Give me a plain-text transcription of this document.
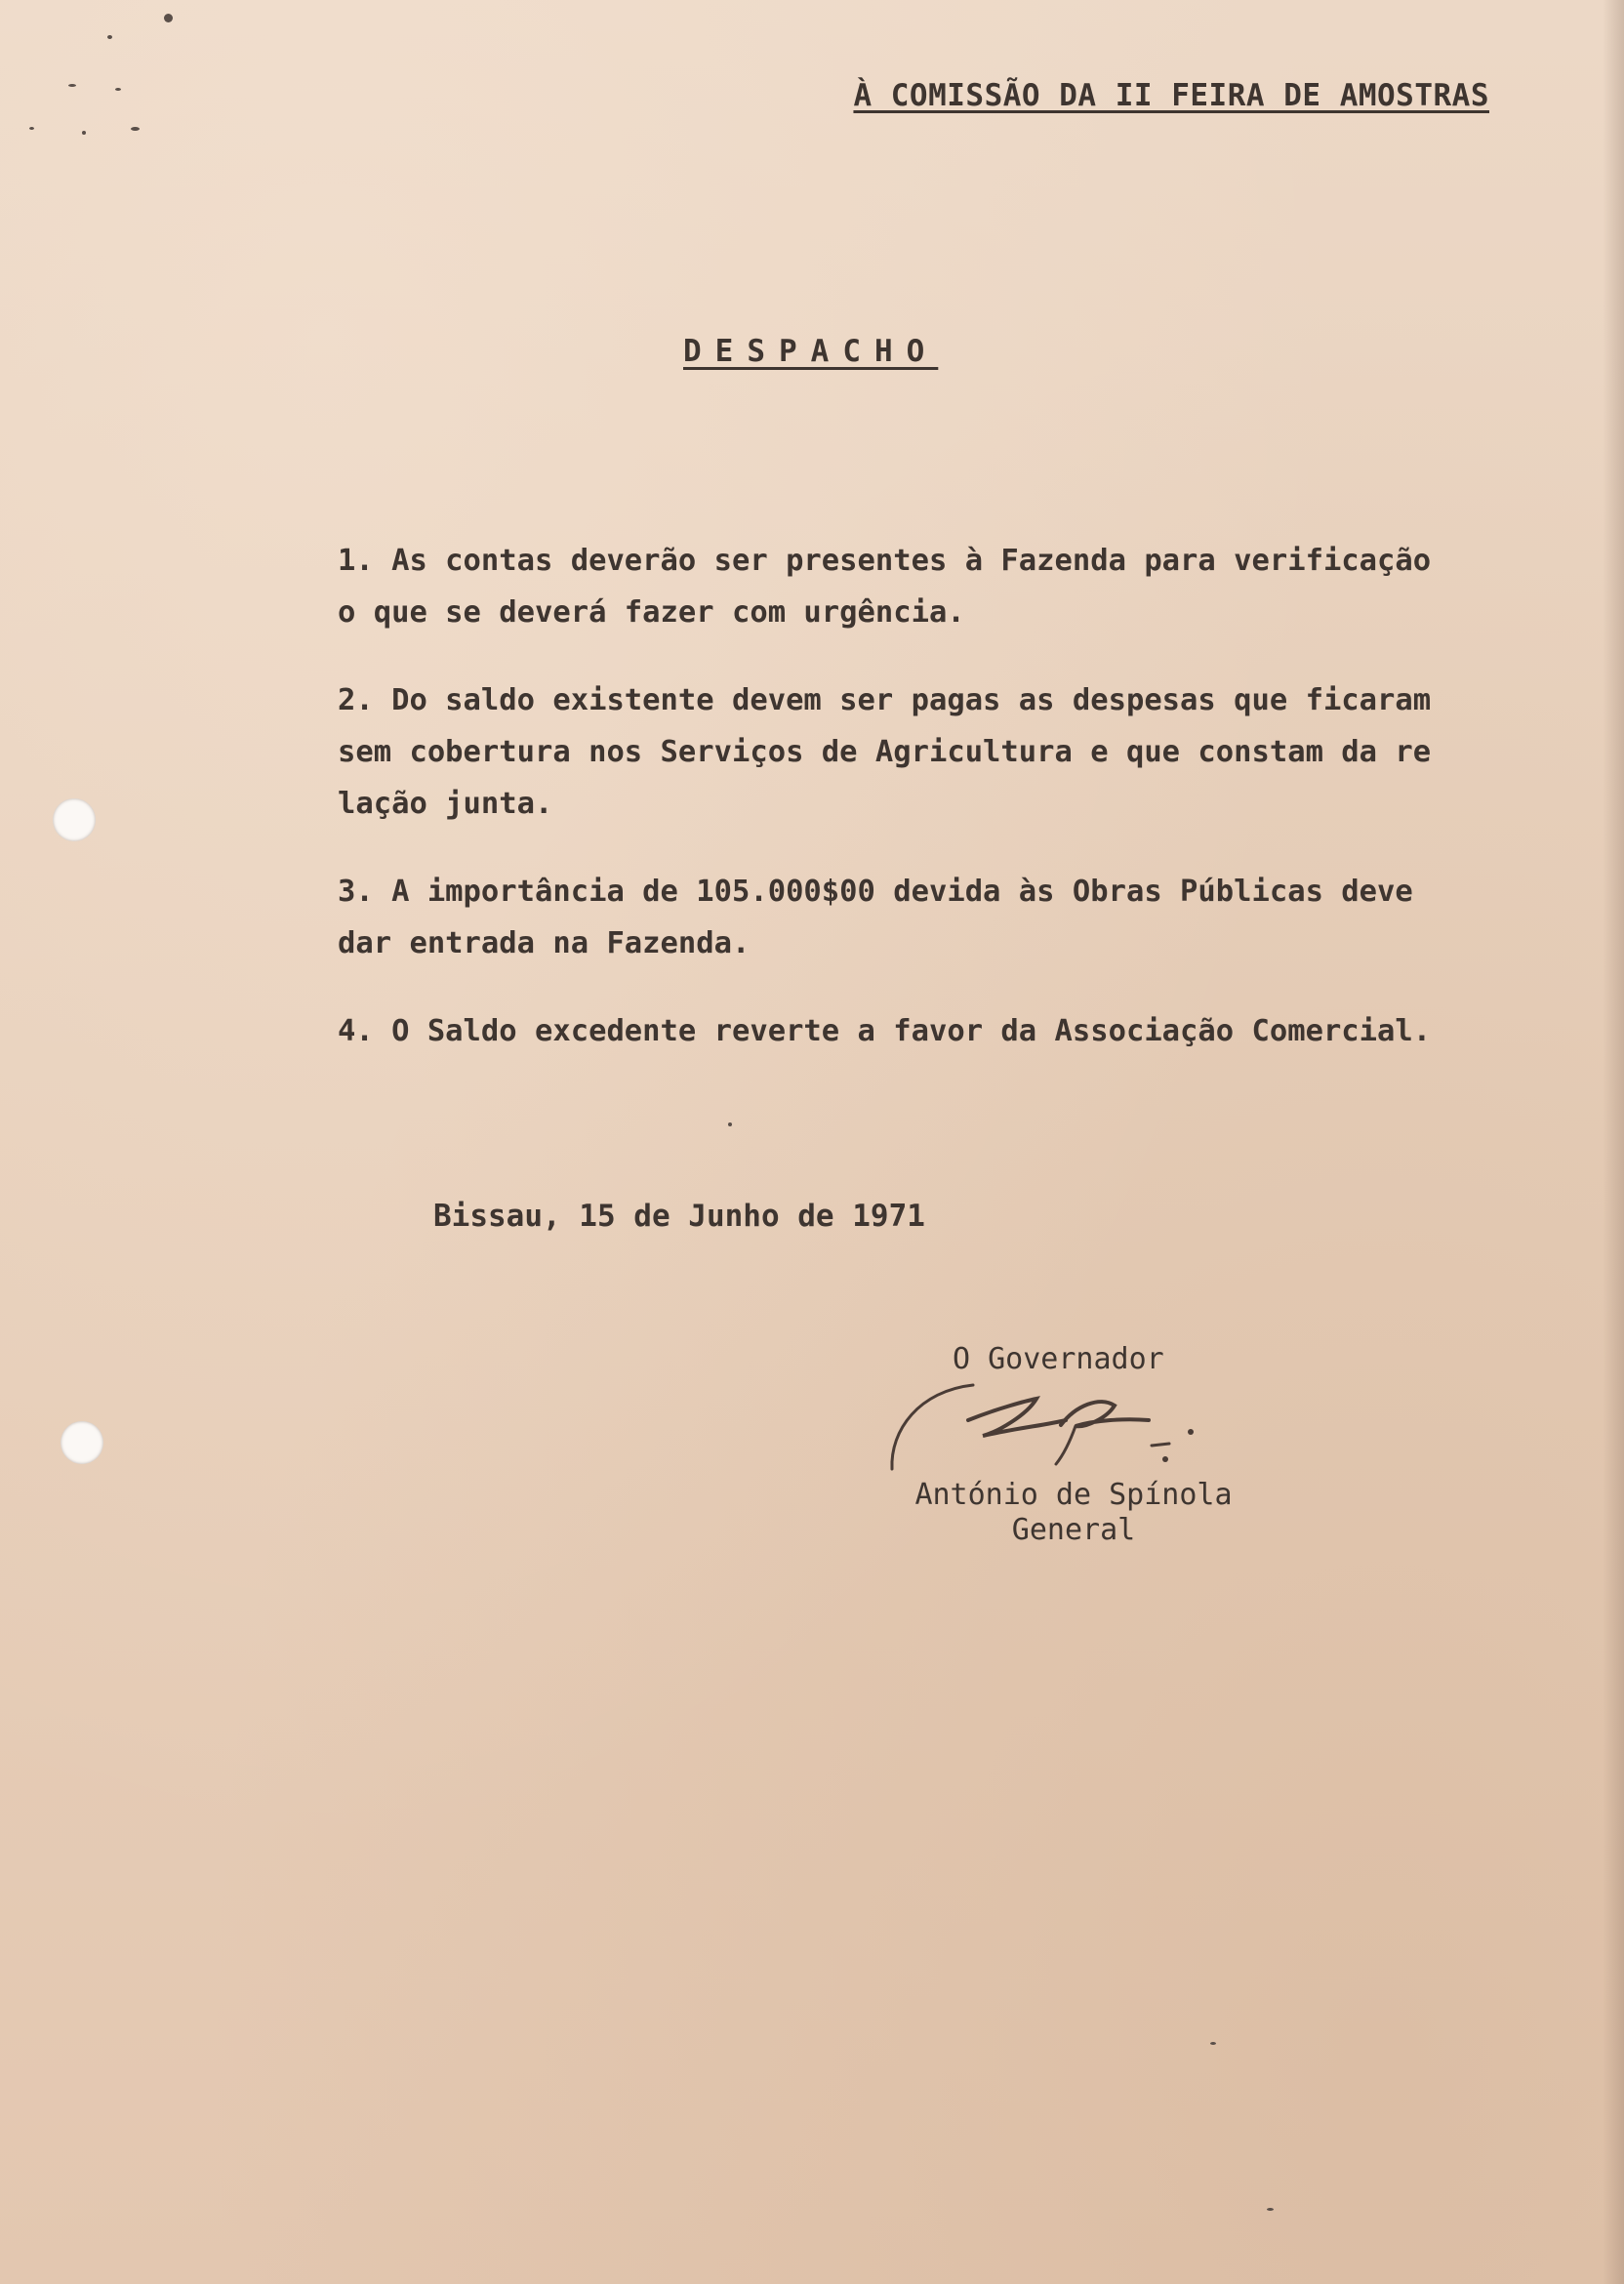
À COMISSÃO DA II FEIRA DE AMOSTRAS
DESPACHO

1. As contas deverão ser presentes à Fazenda para verificação
o que se deverá fazer com urgência.

2. Do saldo existente devem ser pagas as despesas que ficaram
sem cobertura nos Serviços de Agricultura e que constam da re
lação junta.

3. A importância de 105.000$00 devida às Obras Públicas deve
dar entrada na Fazenda.

4. O Saldo excedente reverte a favor da Associação Comercial.

Bissau, 15 de Junho de 1971
O Governador
António de Spínola
General
